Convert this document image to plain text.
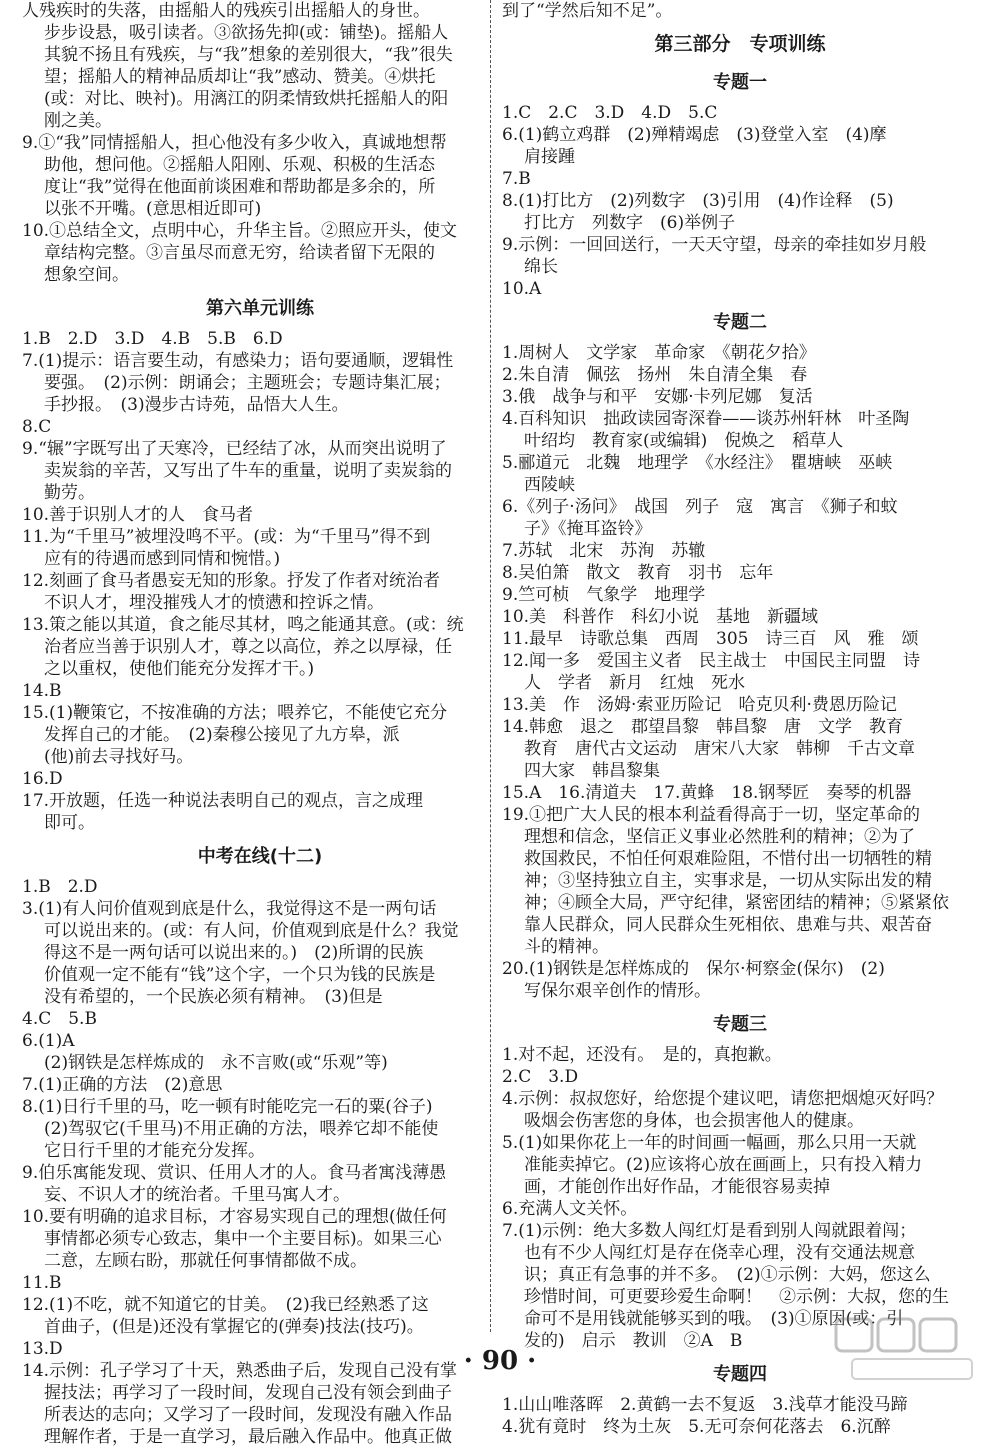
人残疾时的失落，由摇船人的残疾引出摇船人的身世。
步步设悬，吸引读者。③欲扬先抑(或：铺垫)。摇船人
其貌不扬且有残疾，与“我”想象的差别很大，“我”很失
望；摇船人的精神品质却让“我”感动、赞美。④烘托
(或：对比、映衬)。用漓江的阴柔情致烘托摇船人的阳
刚之美。
9.①“我”同情摇船人，担心他没有多少收入，真诚地想帮
助他，想问他。②摇船人阳刚、乐观、积极的生活态
度让“我”觉得在他面前谈困难和帮助都是多余的，所
以张不开嘴。(意思相近即可)
10.①总结全文，点明中心，升华主旨。②照应开头，使文
章结构完整。③言虽尽而意无穷，给读者留下无限的
想象空间。
第六单元训练
1.B　2.D　3.D　4.B　5.B　6.D
7.(1)提示：语言要生动，有感染力；语句要通顺，逻辑性
要强。　(2)示例：朗诵会；主题班会；专题诗集汇展；
手抄报。　(3)漫步古诗苑，品悟大人生。
8.C
9.“辗”字既写出了天寒冷，已经结了冰，从而突出说明了
卖炭翁的辛苦，又写出了牛车的重量，说明了卖炭翁的
勤劳。
10.善于识别人才的人　食马者
11.为“千里马”被埋没鸣不平。(或：为“千里马”得不到
应有的待遇而感到同情和惋惜。)
12.刻画了食马者愚妄无知的形象。抒发了作者对统治者
不识人才，埋没摧残人才的愤懑和控诉之情。
13.策之能以其道，食之能尽其材，鸣之能通其意。(或：统
治者应当善于识别人才，尊之以高位，养之以厚禄，任
之以重权，使他们能充分发挥才干。)
14.B
15.(1)鞭策它，不按准确的方法；喂养它，不能使它充分
发挥自己的才能。　(2)秦穆公接见了九方皋，派
(他)前去寻找好马。
16.D
17.开放题，任选一种说法表明自己的观点，言之成理
即可。
中考在线(十二)
1.B　2.D
3.(1)有人问价值观到底是什么，我觉得这不是一两句话
可以说出来的。(或：有人问，价值观到底是什么？我觉
得这不是一两句话可以说出来的。)　(2)所谓的民族
价值观一定不能有“钱”这个字，一个只为钱的民族是
没有希望的，一个民族必须有精神。　(3)但是
4.C　5.B
6.(1)A
(2)钢铁是怎样炼成的　永不言败(或“乐观”等)
7.(1)正确的方法　(2)意思
8.(1)日行千里的马，吃一顿有时能吃完一石的粟(谷子)
(2)驾驭它(千里马)不用正确的方法，喂养它却不能使
它日行千里的才能充分发挥。
9.伯乐寓能发现、赏识、任用人才的人。食马者寓浅薄愚
妄、不识人才的统治者。千里马寓人才。
10.要有明确的追求目标，才容易实现自己的理想(做任何
事情都必须专心致志，集中一个主要目标)。如果三心
二意，左顾右盼，那就任何事情都做不成。
11.B
12.(1)不吃，就不知道它的甘美。　(2)我已经熟悉了这
首曲子，(但是)还没有掌握它的(弹奏)技法(技巧)。
13.D
14.示例：孔子学习了十天，熟悉曲子后，发现自己没有掌
握技法；再学习了一段时间，发现自己没有领会到曲子
所表达的志向；又学习了一段时间，发现没有融入作品
理解作者，于是一直学习，最后融入作品中。他真正做
到了“学然后知不足”。
第三部分　专项训练
专题一
1.C　2.C　3.D　4.D　5.C
6.(1)鹤立鸡群　(2)殚精竭虑　(3)登堂入室　(4)摩
肩接踵
7.B
8.(1)打比方　(2)列数字　(3)引用　(4)作诠释　(5)
打比方　列数字　(6)举例子
9.示例：一回回送行，一天天守望，母亲的牵挂如岁月般
绵长
10.A
专题二
1.周树人　文学家　革命家　《朝花夕拾》
2.朱自清　佩弦　扬州　朱自清全集　春
3.俄　战争与和平　安娜·卡列尼娜　复活
4.百科知识　拙政读园寄深眷——谈苏州轩林　叶圣陶
叶绍均　教育家(或编辑)　倪焕之　稻草人
5.郦道元　北魏　地理学　《水经注》　瞿塘峡　巫峡
西陵峡
6.《列子·汤问》　战国　列子　寇　寓言　《狮子和蚊
子》《掩耳盗铃》
7.苏轼　北宋　苏洵　苏辙
8.吴伯箫　散文　教育　羽书　忘年
9.竺可桢　气象学　地理学
10.美　科普作　科幻小说　基地　新疆域
11.最早　诗歌总集　西周　305　诗三百　风　雅　颂
12.闻一多　爱国主义者　民主战士　中国民主同盟　诗
人　学者　新月　红烛　死水
13.美　作　汤姆·索亚历险记　哈克贝利·费恩历险记
14.韩愈　退之　郡望昌黎　韩昌黎　唐　文学　教育
教育　唐代古文运动　唐宋八大家　韩柳　千古文章
四大家　韩昌黎集
15.A　16.清道夫　17.黄蜂　18.钢琴匠　奏琴的机器
19.①把广大人民的根本利益看得高于一切，坚定革命的
理想和信念，坚信正义事业必然胜利的精神；②为了
救国救民，不怕任何艰难险阻，不惜付出一切牺牲的精
神；③坚持独立自主，实事求是，一切从实际出发的精
神；④顾全大局，严守纪律，紧密团结的精神；⑤紧紧依
靠人民群众，同人民群众生死相依、患难与共、艰苦奋
斗的精神。
20.(1)钢铁是怎样炼成的　保尔·柯察金(保尔)　(2)
写保尔艰辛创作的情形。
专题三
1.对不起，还没有。　是的，真抱歉。
2.C　3.D
4.示例：叔叔您好，给您提个建议吧，请您把烟熄灭好吗？
吸烟会伤害您的身体，也会损害他人的健康。
5.(1)如果你花上一年的时间画一幅画，那么只用一天就
准能卖掉它。(2)应该将心放在画画上，只有投入精力
画，才能创作出好作品，才能很容易卖掉
6.充满人文关怀。
7.(1)示例：绝大多数人闯红灯是看到别人闯就跟着闯；
也有不少人闯红灯是存在侥幸心理，没有交通法规意
识；真正有急事的并不多。　(2)①示例：大妈，您这么
珍惜时间，可更要珍爱生命啊！　②示例：大叔，您的生
命可不是用钱就能够买到的哦。　(3)①原因(或：引
发的)　启示　教训　②A　B
专题四
1.山山唯落晖　2.黄鹤一去不复返　3.浅草才能没马蹄
4.犹有竟时　终为土灰　5.无可奈何花落去　6.沉醉
· 90 ·
